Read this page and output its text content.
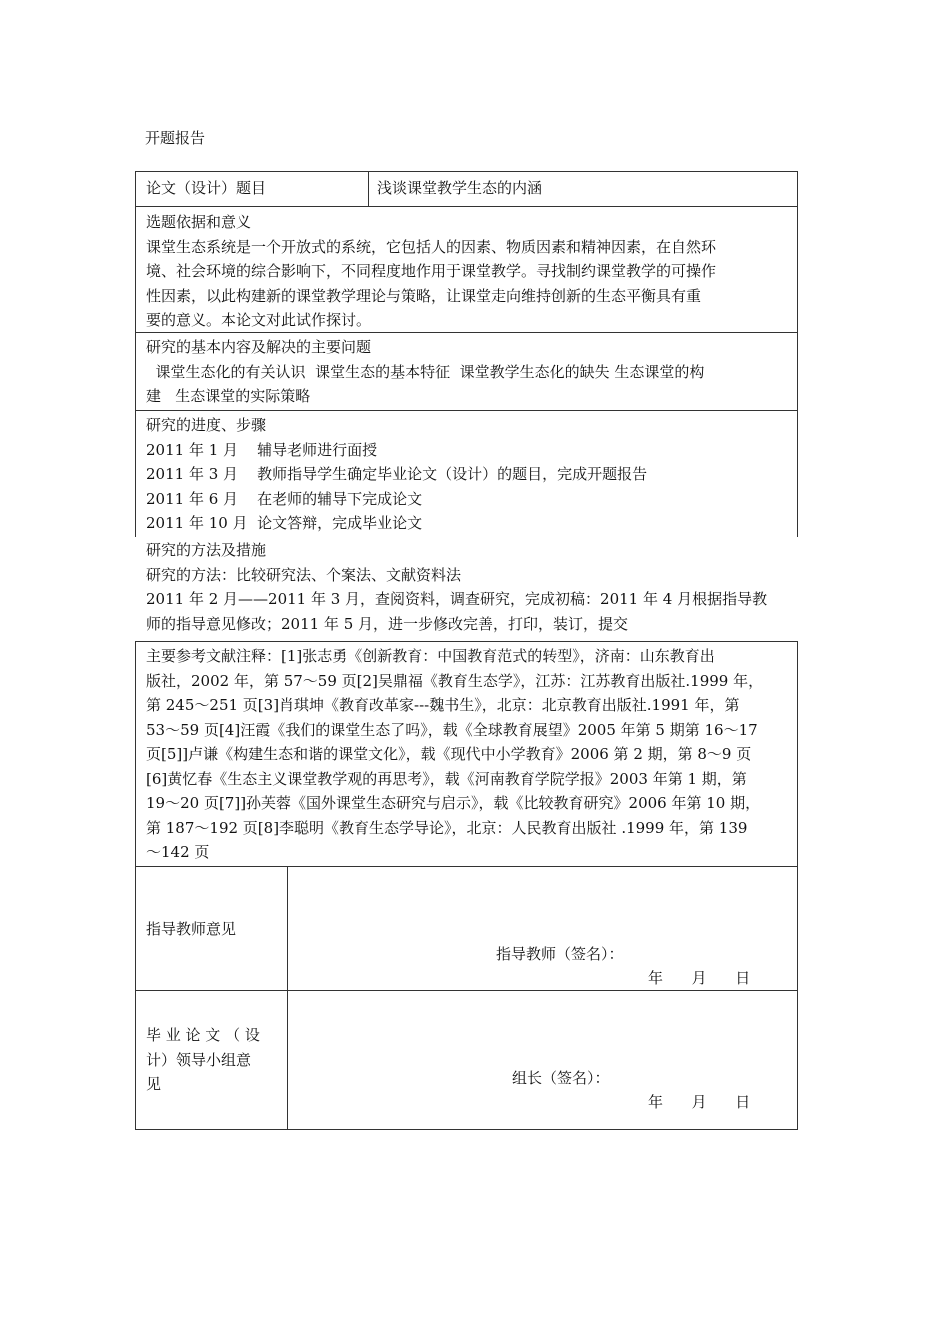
开题报告
论文（设计）题目	浅谈课堂教学生态的内涵
选题依据和意义
课堂生态系统是一个开放式的系统，它包括人的因素、物质因素和精神因素，在自然环
境、社会环境的综合影响下，不同程度地作用于课堂教学。寻找制约课堂教学的可操作
性因素，以此构建新的课堂教学理论与策略，让课堂走向维持创新的生态平衡具有重
要的意义。本论文对此试作探讨。
研究的基本内容及解决的主要问题
课堂生态化的有关认识  课堂生态的基本特征  课堂教学生态化的缺失 生态课堂的构
建   生态课堂的实际策略
研究的进度、步骤
2011 年 1 月    辅导老师进行面授
2011 年 3 月    教师指导学生确定毕业论文（设计）的题目，完成开题报告
2011 年 6 月    在老师的辅导下完成论文
2011 年 10 月  论文答辩，完成毕业论文
研究的方法及措施
研究的方法：比较研究法、个案法、文献资料法
2011 年 2 月——2011 年 3 月，查阅资料，调查研究，完成初稿：2011 年 4 月根据指导教
师的指导意见修改；2011 年 5 月，进一步修改完善，打印，装订，提交
主要参考文献注释：[1]张志勇《创新教育：中国教育范式的转型》，济南：山东教育出
版社，2002 年，第 57～59 页[2]吴鼎福《教育生态学》，江苏：江苏教育出版社.1999 年，
第 245～251 页[3]肖琪坤《教育改革家---魏书生》，北京：北京教育出版社.1991 年，第
53～59 页[4]汪霞《我们的课堂生态了吗》，载《全球教育展望》2005 年第 5 期第 16～17
页[5]]卢谦《构建生态和谐的课堂文化》，载《现代中小学教育》2006 第 2 期，第 8～9 页
[6]黄忆春《生态主义课堂教学观的再思考》，载《河南教育学院学报》2003 年第 1 期，第
19～20 页[7]]孙芙蓉《国外课堂生态研究与启示》，载《比较教育研究》2006 年第 10 期，
第 187～192 页[8]李聪明《教育生态学导论》，北京：人民教育出版社 .1999 年，第 139
～142 页
指导教师意见
指导教师（签名）：
年      月      日
毕 业 论 文 （ 设
计）领导小组意
见	组长（签名）：
年      月      日
